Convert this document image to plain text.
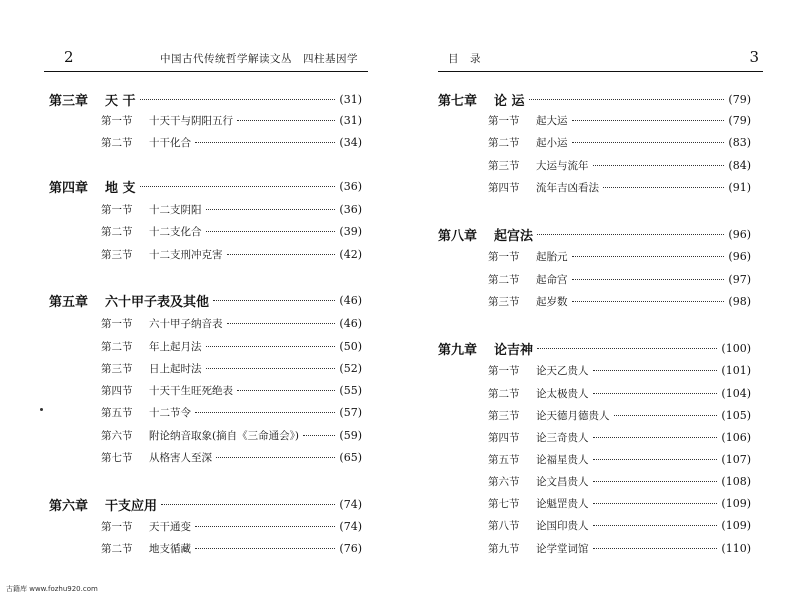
2	中国古代传统哲学解读文丛　四柱基因学
第三章	天 干	(31)
第一节	十天干与阴阳五行	(31)
第二节	十干化合	(34)
第四章	地 支	(36)
第一节	十二支阴阳	(36)
第二节	十二支化合	(39)
第三节	十二支刑冲克害	(42)
第五章	六十甲子表及其他	(46)
第一节	六十甲子纳音表	(46)
第二节	年上起月法	(50)
第三节	日上起时法	(52)
第四节	十天干生旺死绝表	(55)
第五节	十二节令	(57)
第六节	附论纳音取象(摘自《三命通会》)	(59)
第七节	从格害人至深	(65)
第六章	干支应用	(74)
第一节	天干通变	(74)
第二节	地支循藏	(76)
目　录	3
第七章	论 运	(79)
第一节	起大运	(79)
第二节	起小运	(83)
第三节	大运与流年	(84)
第四节	流年吉凶看法	(91)
第八章	起宫法	(96)
第一节	起胎元	(96)
第二节	起命宫	(97)
第三节	起岁数	(98)
第九章	论吉神	(100)
第一节	论天乙贵人	(101)
第二节	论太极贵人	(104)
第三节	论天德月德贵人	(105)
第四节	论三奇贵人	(106)
第五节	论福星贵人	(107)
第六节	论文昌贵人	(108)
第七节	论魁罡贵人	(109)
第八节	论国印贵人	(109)
第九节	论学堂词馆	(110)
古籍库 www.fozhu920.com
